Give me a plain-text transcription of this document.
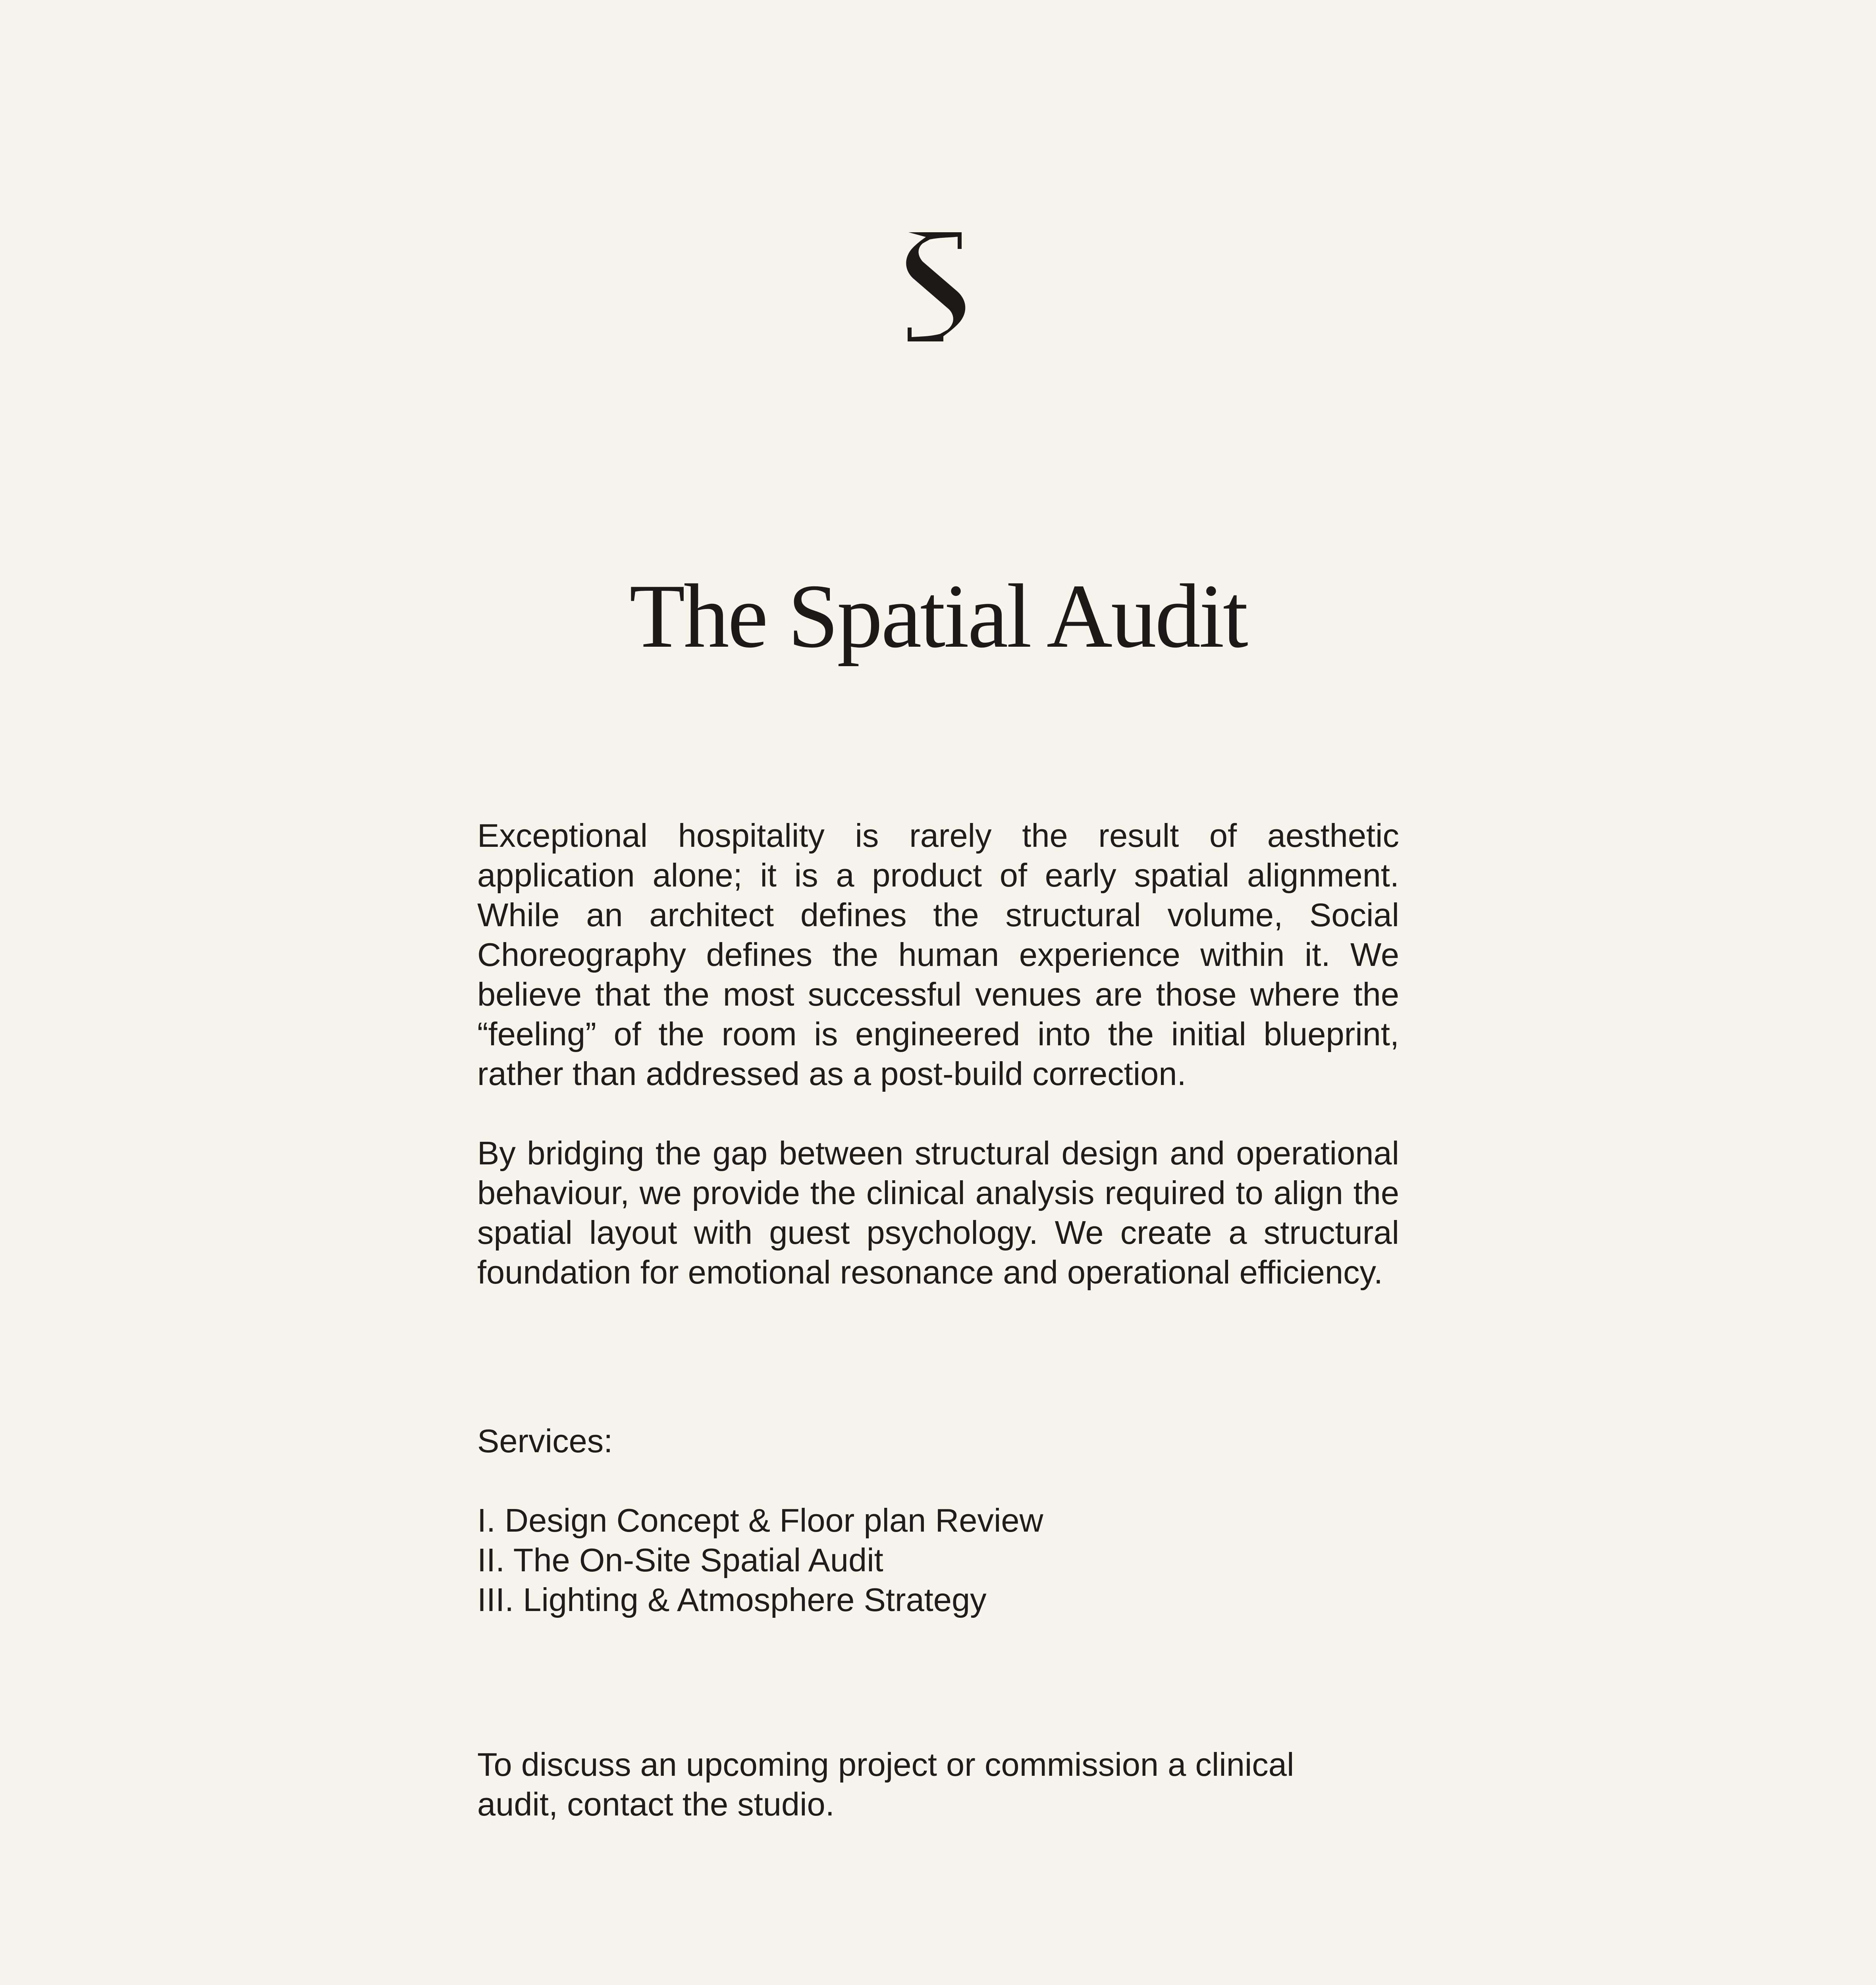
The Spatial Audit

Exceptional hospitality is rarely the result of aesthetic application alone; it is a product of early spatial alignment. While an architect defines the structural volume, Social Choreography defines the human experience within it. We believe that the most successful venues are those where the “feeling” of the room is engineered into the initial blueprint, rather than addressed as a post-build correction.

By bridging the gap between structural design and operational behaviour, we provide the clinical analysis required to align the spatial layout with guest psychology. We create a structural foundation for emotional resonance and operational efficiency.

Services:

I. Design Concept & Floor plan Review
II. The On-Site Spatial Audit
III. Lighting & Atmosphere Strategy

To discuss an upcoming project or commission a clinical audit, contact the studio.
